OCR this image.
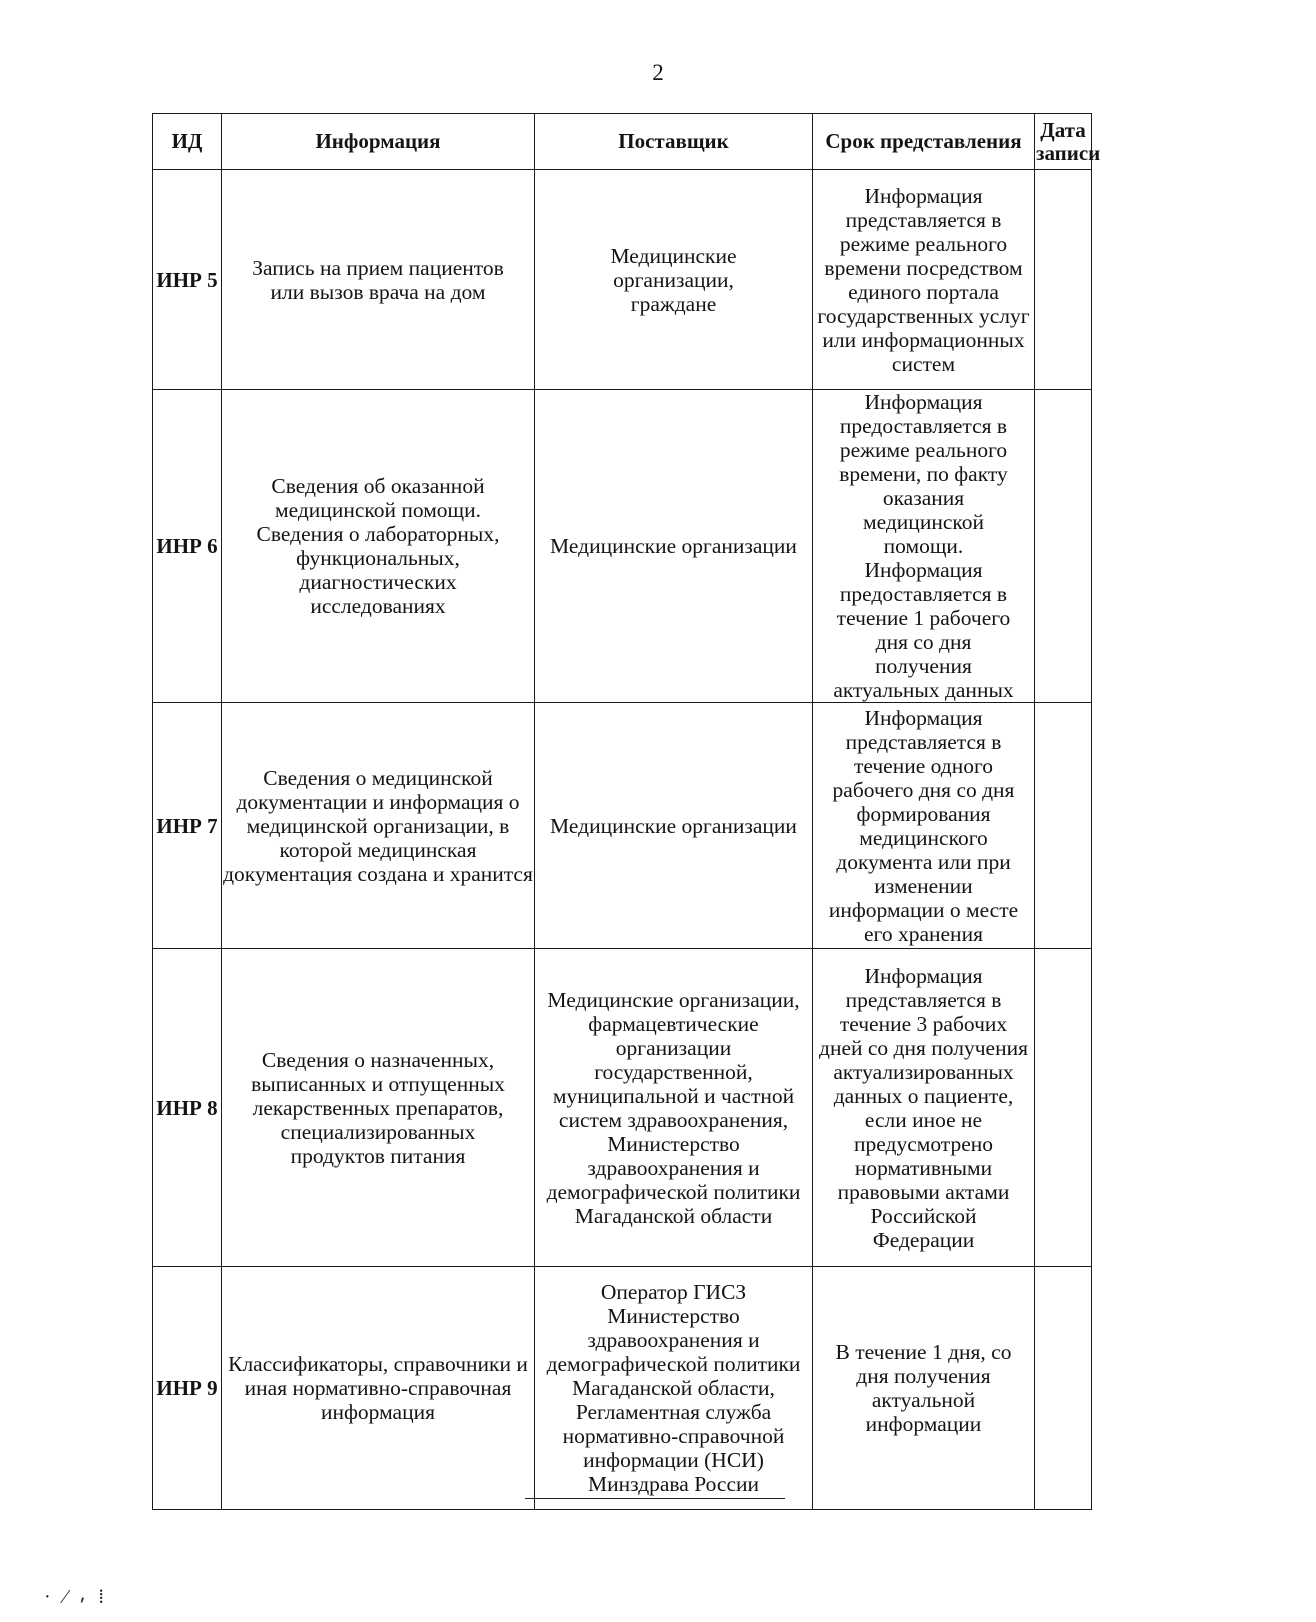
2
ИД	Информация	Поставщик	Срок представления	Дата записи
ИНР 5	Запись на прием пациентов или вызов врача на дом	Медицинские организации, граждане	Информация представляется в режиме реального времени посредством единого портала государственных услуг или информационных систем	

ИНР 6	Сведения об оказанной медицинской помощи. Сведения о лабораторных, функциональных, диагностических исследованиях	Медицинские организации	Информация предоставляется в режиме реального времени, по факту оказания медицинской помощи. Информация предоставляется в течение 1 рабочего дня со дня получения актуальных данных	

ИНР 7	Сведения о медицинской документации и информация о медицинской организации, в которой медицинская документация создана и хранится	Медицинские организации	Информация представляется в течение одного рабочего дня со дня формирования медицинского документа или при изменении информации о месте его хранения	

ИНР 8	Сведения о назначенных, выписанных и отпущенных лекарственных препаратов, специализированных продуктов питания	Медицинские организации, фармацевтические организации государственной, муниципальной и частной систем здравоохранения, Министерство здравоохранения и демографической политики Магаданской области	Информация представляется в течение 3 рабочих дней со дня получения актуализированных данных о пациенте, если иное не предусмотрено нормативными правовыми актами Российской Федерации	

ИНР 9	Классификаторы, справочники и иная нормативно-справочная информация	Оператор ГИСЗ Министерство здравоохранения и демографической политики Магаданской области, Регламентная служба нормативно-справочной информации (НСИ) Минздрава России	В течение 1 дня, со дня получения актуальной информации	

· ⁄ ⸴ ⁞
